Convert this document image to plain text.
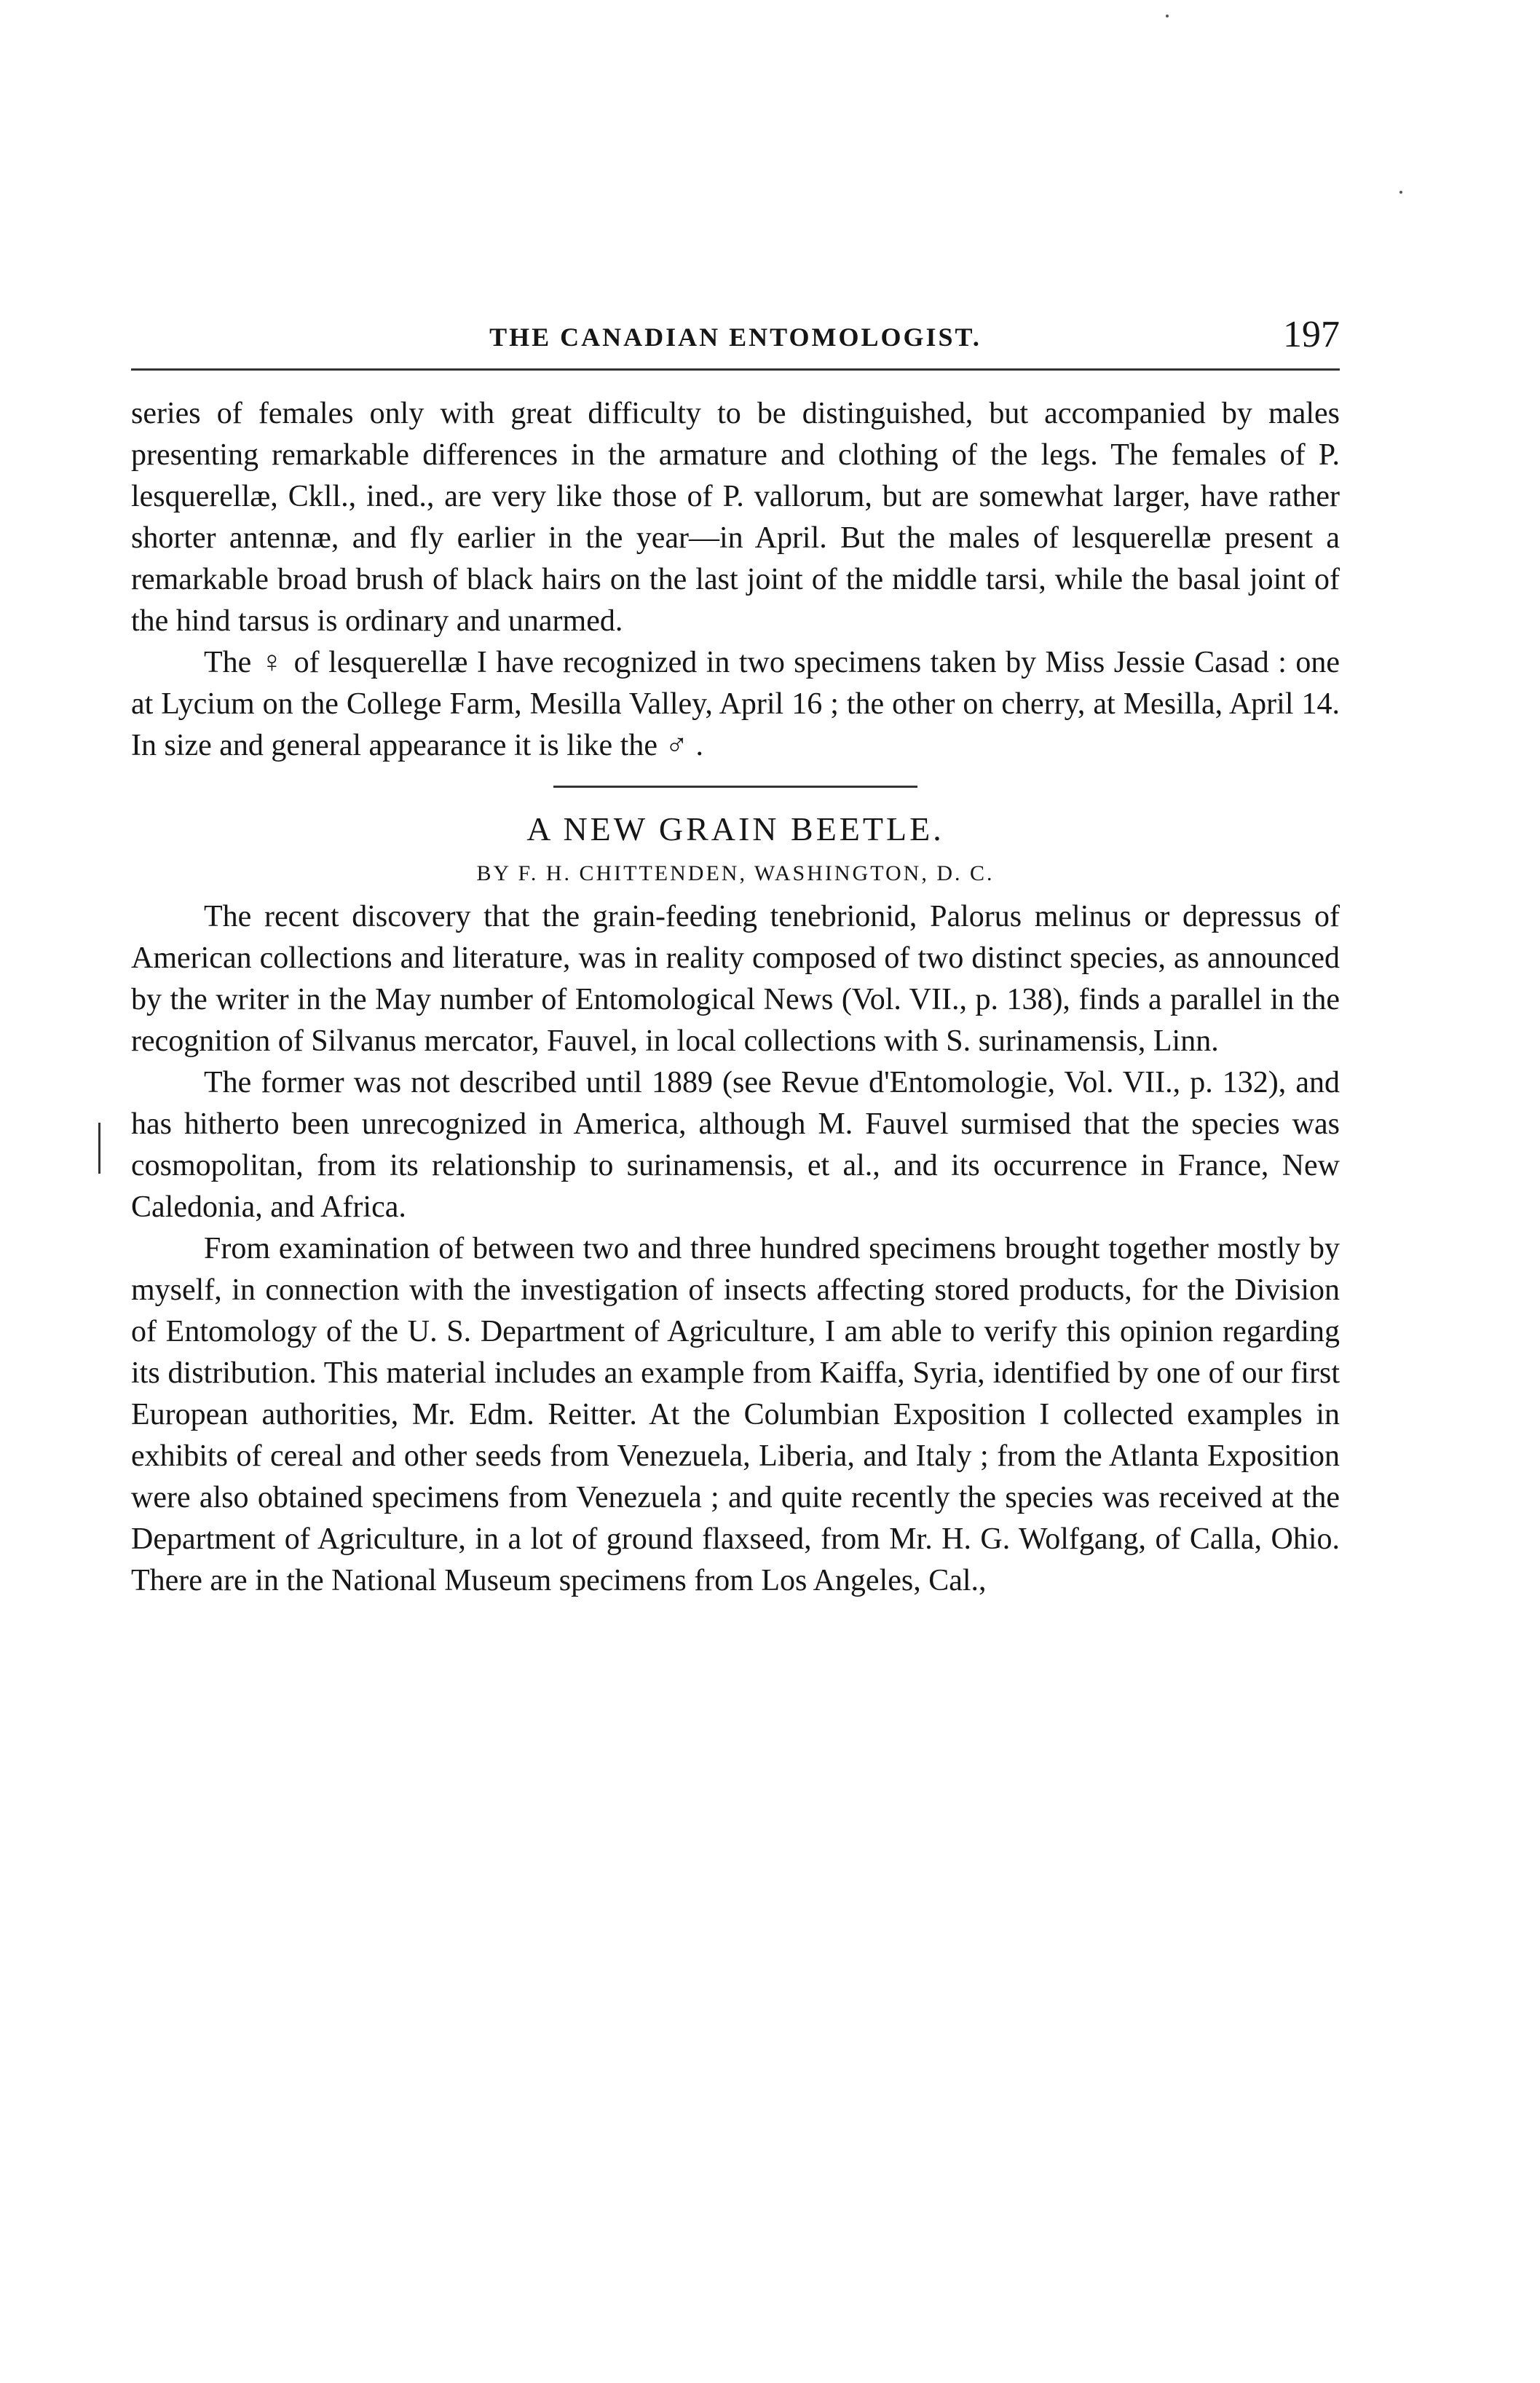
THE CANADIAN ENTOMOLOGIST.	197

series of females only with great difficulty to be distinguished, but accompanied by males presenting remarkable differences in the armature and clothing of the legs. The females of P. lesquerellæ, Ckll., ined., are very like those of P. vallorum, but are somewhat larger, have rather shorter antennæ, and fly earlier in the year—in April. But the males of lesquerellæ present a remarkable broad brush of black hairs on the last joint of the middle tarsi, while the basal joint of the hind tarsus is ordinary and unarmed.

The ♀ of lesquerellæ I have recognized in two specimens taken by Miss Jessie Casad : one at Lycium on the College Farm, Mesilla Valley, April 16 ; the other on cherry, at Mesilla, April 14. In size and general appearance it is like the ♂ .

A NEW GRAIN BEETLE.
BY F. H. CHITTENDEN, WASHINGTON, D. C.

The recent discovery that the grain-feeding tenebrionid, Palorus melinus or depressus of American collections and literature, was in reality composed of two distinct species, as announced by the writer in the May number of Entomological News (Vol. VII., p. 138), finds a parallel in the recognition of Silvanus mercator, Fauvel, in local collections with S. surinamensis, Linn.

The former was not described until 1889 (see Revue d'Entomologie, Vol. VII., p. 132), and has hitherto been unrecognized in America, although M. Fauvel surmised that the species was cosmopolitan, from its relationship to surinamensis, et al., and its occurrence in France, New Caledonia, and Africa.

From examination of between two and three hundred specimens brought together mostly by myself, in connection with the investigation of insects affecting stored products, for the Division of Entomology of the U. S. Department of Agriculture, I am able to verify this opinion regarding its distribution. This material includes an example from Kaiffa, Syria, identified by one of our first European authorities, Mr. Edm. Reitter. At the Columbian Exposition I collected examples in exhibits of cereal and other seeds from Venezuela, Liberia, and Italy ; from the Atlanta Exposition were also obtained specimens from Venezuela ; and quite recently the species was received at the Department of Agriculture, in a lot of ground flaxseed, from Mr. H. G. Wolfgang, of Calla, Ohio. There are in the National Museum specimens from Los Angeles, Cal.,
